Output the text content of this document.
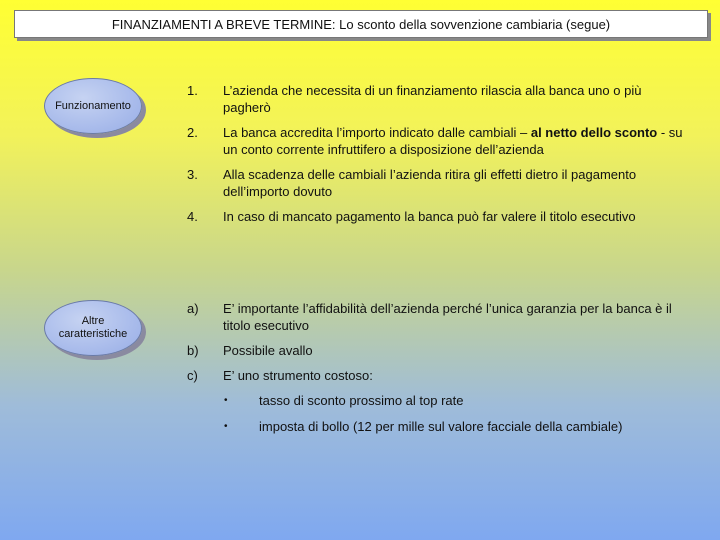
FINANZIAMENTI A BREVE TERMINE: Lo sconto della sovvenzione cambiaria (segue)
Funzionamento
Altre caratteristiche
1.	L’azienda che necessita di un finanziamento rilascia alla banca uno o più pagherò
2.	La banca accredita l’importo indicato dalle cambiali – al netto dello sconto - su un conto corrente infruttifero a disposizione dell’azienda
3.	Alla scadenza delle cambiali l’azienda ritira gli effetti dietro il pagamento dell’importo dovuto
4.	In caso di mancato pagamento la banca può far valere il titolo esecutivo
a)	E’ importante l’affidabilità dell’azienda perché l’unica garanzia per la banca è il titolo esecutivo
b)	Possibile avallo
c)	E’ uno strumento costoso:
•	tasso di sconto prossimo al top rate
•	imposta di bollo (12 per mille sul valore facciale della cambiale)
